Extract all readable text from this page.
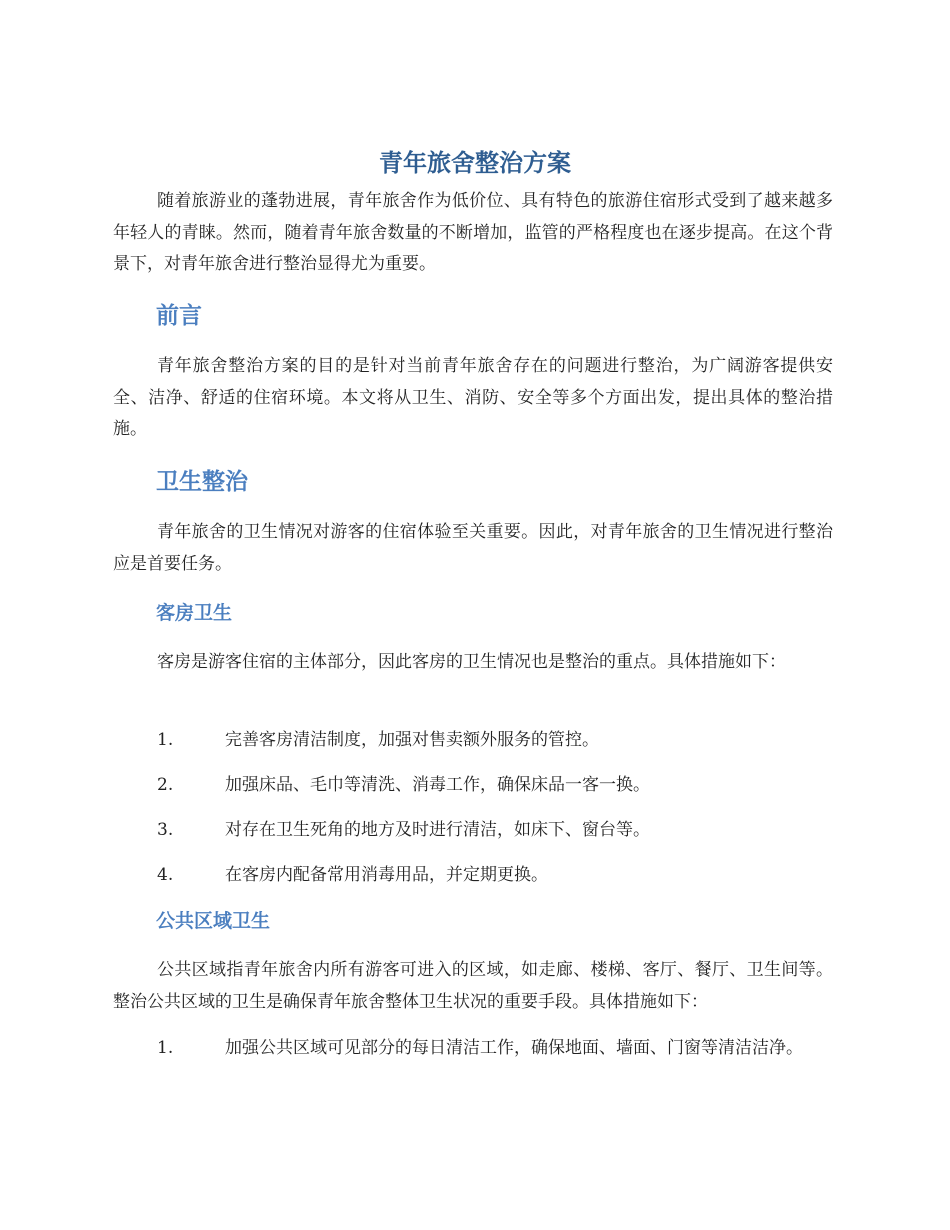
青年旅舍整治方案

随着旅游业的蓬勃进展，青年旅舍作为低价位、具有特色的旅游住宿形式受到了越来越多年轻人的青睐。然而，随着青年旅舍数量的不断增加，监管的严格程度也在逐步提高。在这个背景下，对青年旅舍进行整治显得尤为重要。

前言

青年旅舍整治方案的目的是针对当前青年旅舍存在的问题进行整治，为广阔游客提供安全、洁净、舒适的住宿环境。本文将从卫生、消防、安全等多个方面出发，提出具体的整治措施。

卫生整治

青年旅舍的卫生情况对游客的住宿体验至关重要。因此，对青年旅舍的卫生情况进行整治应是首要任务。

客房卫生

客房是游客住宿的主体部分，因此客房的卫生情况也是整治的重点。具体措施如下：

1.	完善客房清洁制度，加强对售卖额外服务的管控。
2.	加强床品、毛巾等清洗、消毒工作，确保床品一客一换。
3.	对存在卫生死角的地方及时进行清洁，如床下、窗台等。
4.	在客房内配备常用消毒用品，并定期更换。
公共区域卫生

公共区域指青年旅舍内所有游客可进入的区域，如走廊、楼梯、客厅、餐厅、卫生间等。整治公共区域的卫生是确保青年旅舍整体卫生状况的重要手段。具体措施如下：

1.	加强公共区域可见部分的每日清洁工作，确保地面、墙面、门窗等清洁洁净。
